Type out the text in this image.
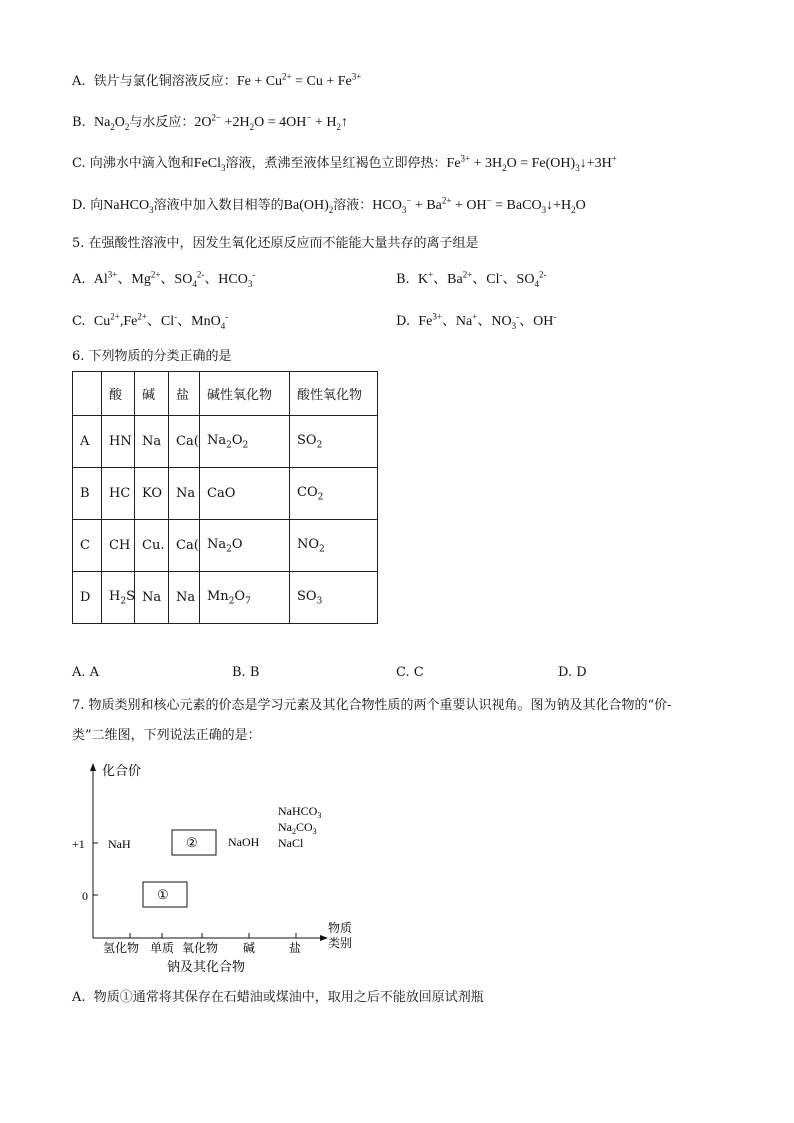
A. 铁片与氯化铜溶液反应：$Fe + Cu^{2+} = Cu + Fe^{3+}$
B. $Na_2O_2$与水反应：$2O^{2-} +2H_2O = 4OH^-$ + $H_2↑$
C. 向沸水中滴入饱和FeCl$_3$溶液，煮沸至液体呈红褐色立即停热：$Fe^{3+} + 3H_2O$ = $Fe(OH)_3↓+3H^+$
D. 向NaHCO$_3$溶液中加入数目相等的$Ba(OH)_2$溶液：$HCO_3^- + Ba^{2+} + OH^-$ = $BaCO_3↓+H_2O$
5. 在强酸性溶液中，因发生氧化还原反应而不能能大量共存的离子组是
A. $Al^{3+}$、$Mg^{2+}$、$SO_4^{2-}$、$HCO_3^-$	B. K+、$Ba^{2+}$、Cl-、$SO_4^{2-}$
C. $Cu^{2+},Fe^{2+}$、Cl-、MnO$_4$-	D. $Fe^{3+}$、Na+、$NO_3^-$、OH-
6. 下列物质的分类正确的是
	酸	碱	盐	碱性氧化物	酸性氧化物
A	HN	Na	Ca(	$Na_2O_2$	$SO_2$
B	HC	KO	Na	CaO	$CO_2$
C	CH	Cu.	Ca(	$Na_2O$	$NO_2$
D	$H_2S$	Na	Na	$Mn_2O_7$	$SO_3$
A. A	B. B	C. C	D. D
7. 物质类别和核心元素的价态是学习元素及其化合物性质的两个重要认识视角。图为钠及其化合物的“价-
类”二维图，下列说法正确的是：
化合价
+1
0
氢化物 单质 氧化物 碱	盐
物质
类别
钠及其化合物
NaH	②	NaOH
NaHCO$_3$
$Na_2CO_3$
NaCl
①
A. 物质①通常将其保存在石蜡油或煤油中，取用之后不能放回原试剂瓶
